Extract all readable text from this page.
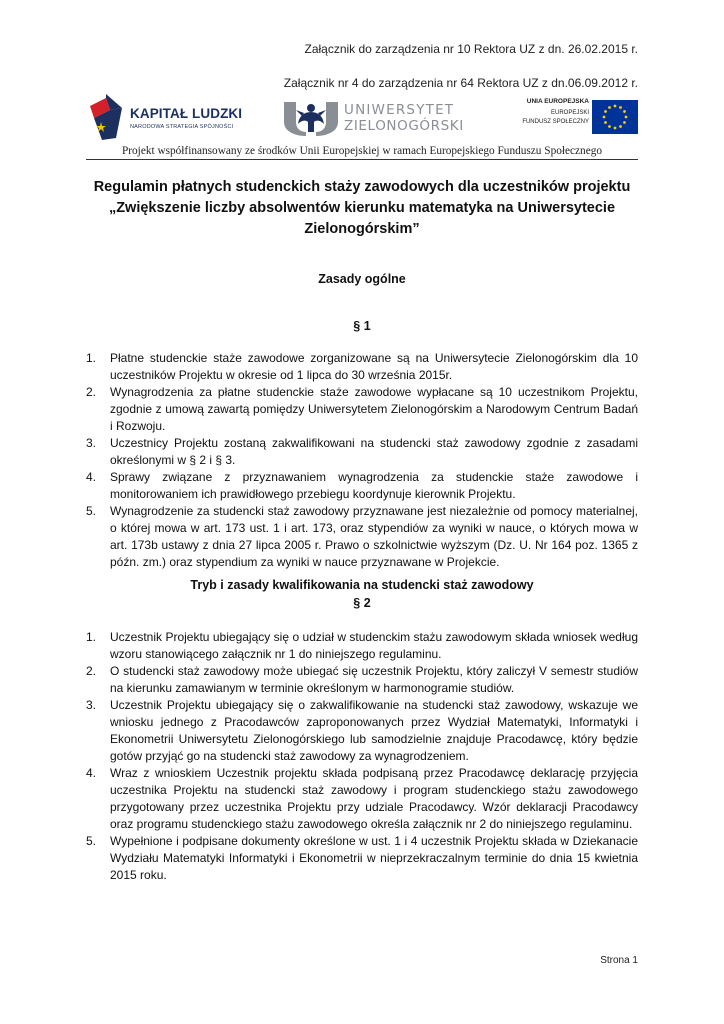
Załącznik do zarządzenia nr 10 Rektora UZ z dn. 26.02.2015 r.
Załącznik nr 4 do zarządzenia nr 64 Rektora UZ z dn.06.09.2012 r.
KAPITAŁ LUDZKI
NARODOWA STRATEGIA SPÓJNOŚCI
UNIWERSYTET
ZIELONOGÓRSKI
UNIA EUROPEJSKA
EUROPEJSKI
FUNDUSZ SPOŁECZNY
Projekt współfinansowany ze środków Unii Europejskiej w ramach Europejskiego Funduszu Społecznego
Regulamin płatnych studenckich staży zawodowych dla uczestników projektu „Zwiększenie liczby absolwentów kierunku matematyka na Uniwersytecie Zielonogórskim”
Zasady ogólne
§ 1
1. Płatne studenckie staże zawodowe zorganizowane są na Uniwersytecie Zielonogórskim dla 10 uczestników Projektu w okresie od 1 lipca do 30 września 2015r.
2. Wynagrodzenia za płatne studenckie staże zawodowe wypłacane są 10 uczestnikom Projektu, zgodnie z umową zawartą pomiędzy Uniwersytetem Zielonogórskim a Narodowym Centrum Badań i Rozwoju.
3. Uczestnicy Projektu zostaną zakwalifikowani na studencki staż zawodowy zgodnie z zasadami określonymi w § 2 i § 3.
4. Sprawy związane z przyznawaniem wynagrodzenia za studenckie staże zawodowe i monitorowaniem ich prawidłowego przebiegu koordynuje kierownik Projektu.
5. Wynagrodzenie za studencki staż zawodowy przyznawane jest niezależnie od pomocy materialnej, o której mowa w art. 173 ust. 1 i art. 173, oraz stypendiów za wyniki w nauce, o których mowa w art. 173b ustawy z dnia 27 lipca 2005 r. Prawo o szkolnictwie wyższym (Dz. U. Nr 164 poz. 1365 z późn. zm.) oraz stypendium za wyniki w nauce przyznawane w Projekcie.
Tryb i zasady kwalifikowania na studencki staż zawodowy
§ 2
1. Uczestnik Projektu ubiegający się o udział w studenckim stażu zawodowym składa wniosek według wzoru stanowiącego załącznik nr 1 do niniejszego regulaminu.
2. O studencki staż zawodowy może ubiegać się uczestnik Projektu, który zaliczył V semestr studiów na kierunku zamawianym w terminie określonym w harmonogramie studiów.
3. Uczestnik Projektu ubiegający się o zakwalifikowanie na studencki staż zawodowy, wskazuje we wniosku jednego z Pracodawców zaproponowanych przez Wydział Matematyki, Informatyki i Ekonometrii Uniwersytetu Zielonogórskiego lub samodzielnie znajduje Pracodawcę, który będzie gotów przyjąć go na studencki staż zawodowy za wynagrodzeniem.
4. Wraz z wnioskiem Uczestnik projektu składa podpisaną przez Pracodawcę deklarację przyjęcia uczestnika Projektu na studencki staż zawodowy i program studenckiego stażu zawodowego przygotowany przez uczestnika Projektu przy udziale Pracodawcy. Wzór deklaracji Pracodawcy oraz programu studenckiego stażu zawodowego określa załącznik nr 2 do niniejszego regulaminu.
5. Wypełnione i podpisane dokumenty określone w ust. 1 i 4 uczestnik Projektu składa w Dziekanacie Wydziału Matematyki Informatyki i Ekonometrii w nieprzekraczalnym terminie do dnia 15 kwietnia 2015 roku.
Strona 1
